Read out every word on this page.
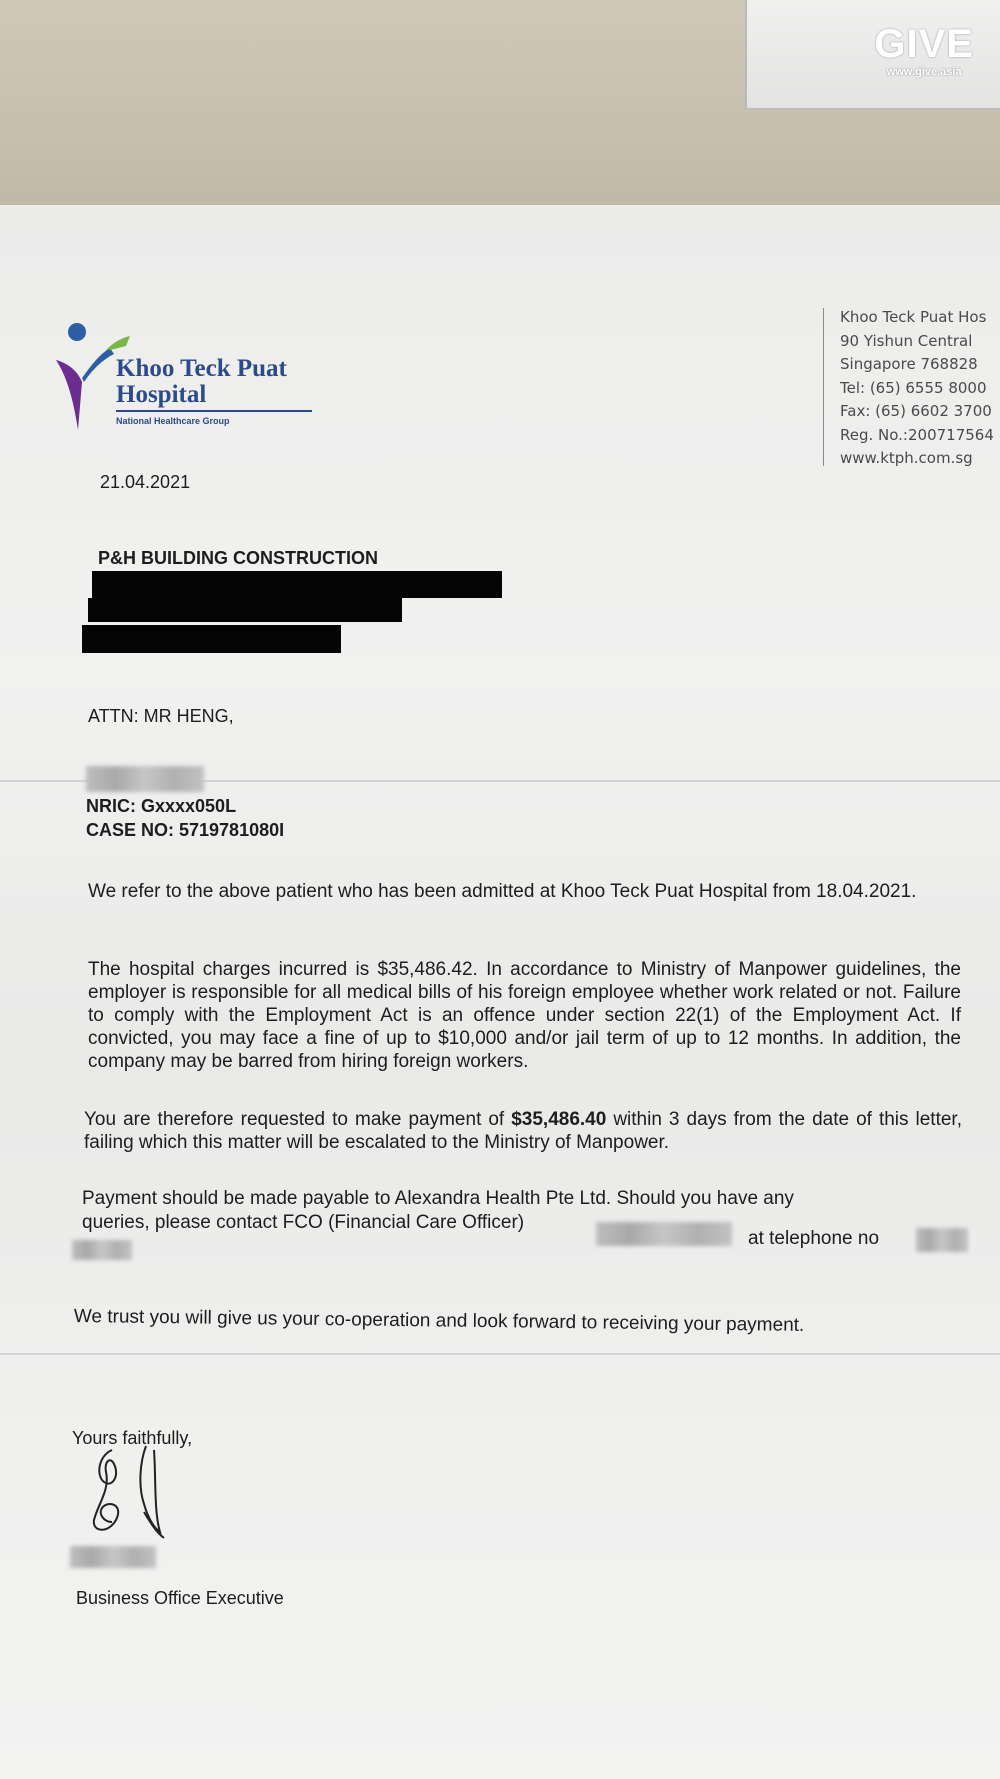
GIVE
www.give.asia
Khoo Teck Puat
Hospital
National Healthcare Group
Khoo Teck Puat Hos
90 Yishun Central
Singapore 768828
Tel: (65) 6555 8000
Fax: (65) 6602 3700
Reg. No.:200717564
www.ktph.com.sg
21.04.2021
P&H BUILDING CONSTRUCTION
ATTN: MR HENG,
NRIC: Gxxxx050L
CASE NO: 5719781080I
We refer to the above patient who has been admitted at Khoo Teck Puat Hospital from 18.04.2021.
The hospital charges incurred is $35,486.42. In accordance to Ministry of Manpower guidelines, the employer is responsible for all medical bills of his foreign employee whether work related or not. Failure to comply with the Employment Act is an offence under section 22(1) of the Employment Act. If convicted, you may face a fine of up to $10,000 and/or jail term of up to 12 months. In addition, the company may be barred from hiring foreign workers.
You are therefore requested to make payment of $35,486.40 within 3 days from the date of this letter, failing which this matter will be escalated to the Ministry of Manpower.
Payment should be made payable to Alexandra Health Pte Ltd. Should you have any
queries, please contact FCO (Financial Care Officer)
at telephone no
We trust you will give us your co-operation and look forward to receiving your payment.
Yours faithfully,
Business Office Executive
